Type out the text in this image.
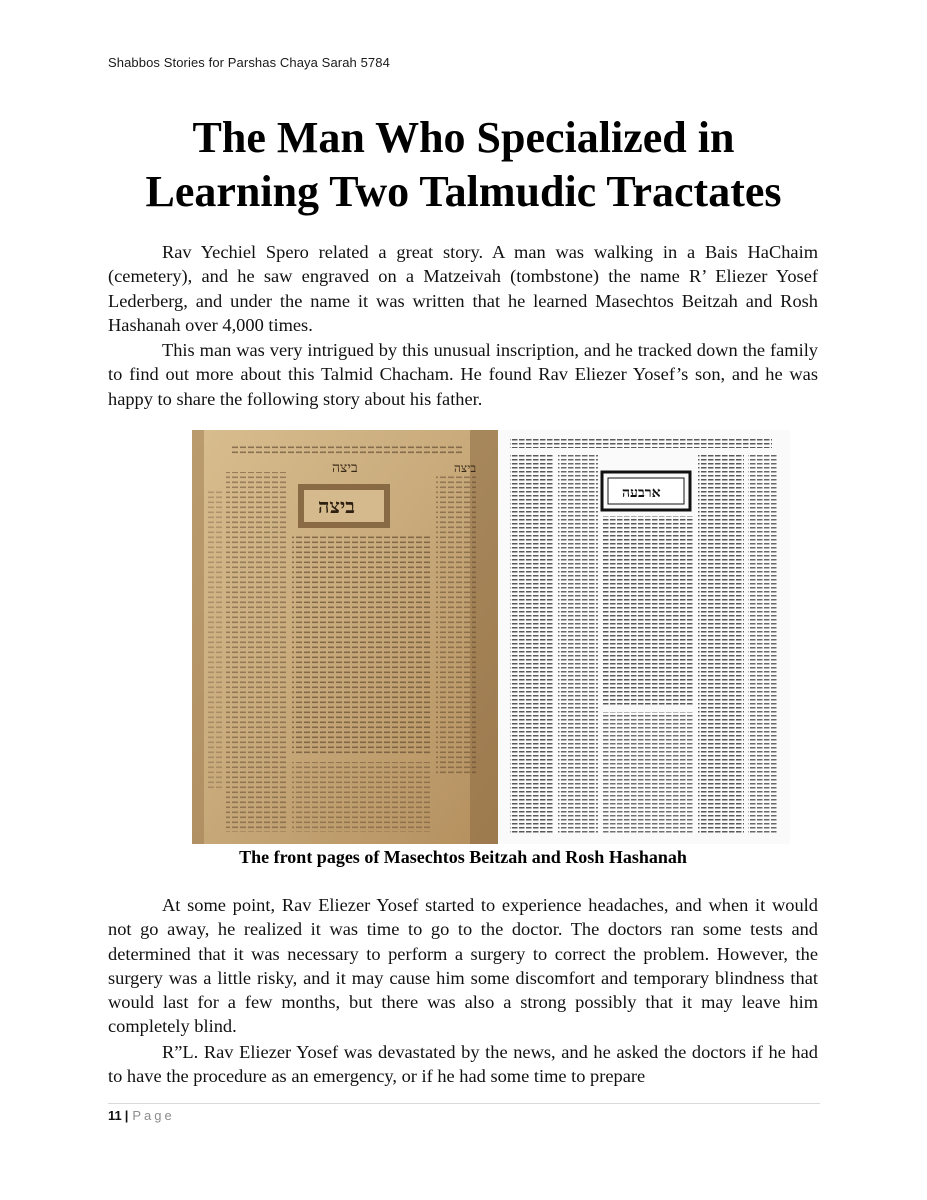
Shabbos Stories for Parshas Chaya Sarah 5784
The Man Who Specialized in
Learning Two Talmudic Tractates

Rav Yechiel Spero related a great story. A man was walking in a Bais HaChaim (cemetery), and he saw engraved on a Matzeivah (tombstone) the name R’ Eliezer Yosef Lederberg, and under the name it was written that he learned Masechtos Beitzah and Rosh Hashanah over 4,000 times.

This man was very intrigued by this unusual inscription, and he tracked down the family to find out more about this Talmid Chacham. He found Rav Eliezer Yosef’s son, and he was happy to share the following story about his father.

ביצה	ביצה
ביצה
ארבעה

The front pages of Masechtos Beitzah and Rosh Hashanah

At some point, Rav Eliezer Yosef started to experience headaches, and when it would not go away, he realized it was time to go to the doctor. The doctors ran some tests and determined that it was necessary to perform a surgery to correct the problem. However, the surgery was a little risky, and it may cause him some discomfort and temporary blindness that would last for a few months, but there was also a strong possibly that it may leave him completely blind.

R”L. Rav Eliezer Yosef was devastated by the news, and he asked the doctors if he had to have the procedure as an emergency, or if he had some time to prepare

11 | Page
